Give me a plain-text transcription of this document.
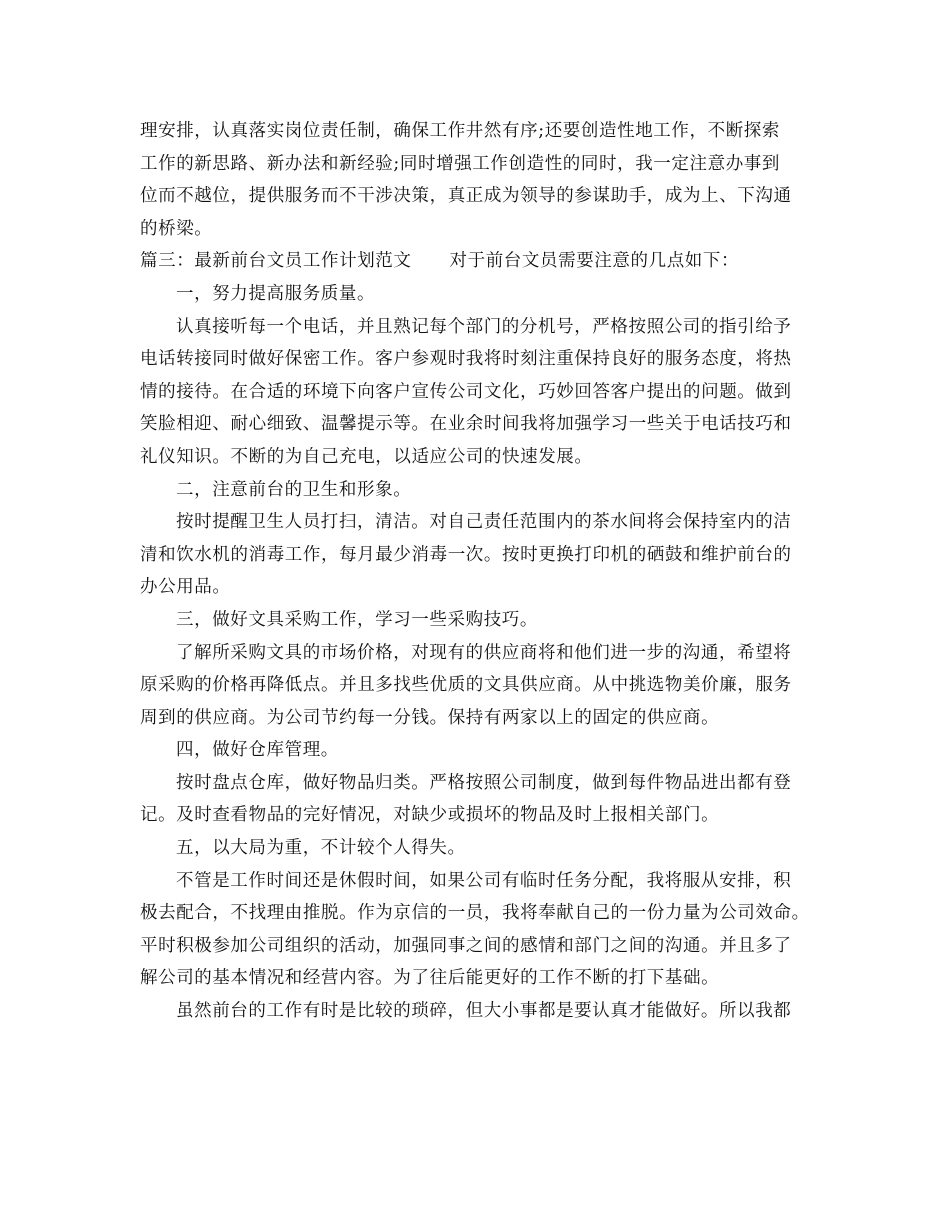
理安排，认真落实岗位责任制，确保工作井然有序;还要创造性地工作，不断探索
工作的新思路、新办法和新经验;同时增强工作创造性的同时，我一定注意办事到
位而不越位，提供服务而不干涉决策，真正成为领导的参谋助手，成为上、下沟通
的桥梁。
篇三：最新前台文员工作计划范文 对于前台文员需要注意的几点如下：
一，努力提高服务质量。
认真接听每一个电话，并且熟记每个部门的分机号，严格按照公司的指引给予
电话转接同时做好保密工作。客户参观时我将时刻注重保持良好的服务态度，将热
情的接待。在合适的环境下向客户宣传公司文化，巧妙回答客户提出的问题。做到
笑脸相迎、耐心细致、温馨提示等。在业余时间我将加强学习一些关于电话技巧和
礼仪知识。不断的为自己充电，以适应公司的快速发展。
二，注意前台的卫生和形象。
按时提醒卫生人员打扫，清洁。对自己责任范围内的茶水间将会保持室内的洁
清和饮水机的消毒工作，每月最少消毒一次。按时更换打印机的硒鼓和维护前台的
办公用品。
三，做好文具采购工作，学习一些采购技巧。
了解所采购文具的市场价格，对现有的供应商将和他们进一步的沟通，希望将
原采购的价格再降低点。并且多找些优质的文具供应商。从中挑选物美价廉，服务
周到的供应商。为公司节约每一分钱。保持有两家以上的固定的供应商。
四，做好仓库管理。
按时盘点仓库，做好物品归类。严格按照公司制度，做到每件物品进出都有登
记。及时查看物品的完好情况，对缺少或损坏的物品及时上报相关部门。
五，以大局为重，不计较个人得失。
不管是工作时间还是休假时间，如果公司有临时任务分配，我将服从安排，积
极去配合，不找理由推脱。作为京信的一员，我将奉献自己的一份力量为公司效命。
平时积极参加公司组织的活动，加强同事之间的感情和部门之间的沟通。并且多了
解公司的基本情况和经营内容。为了往后能更好的工作不断的打下基础。
虽然前台的工作有时是比较的琐碎，但大小事都是要认真才能做好。所以我都
